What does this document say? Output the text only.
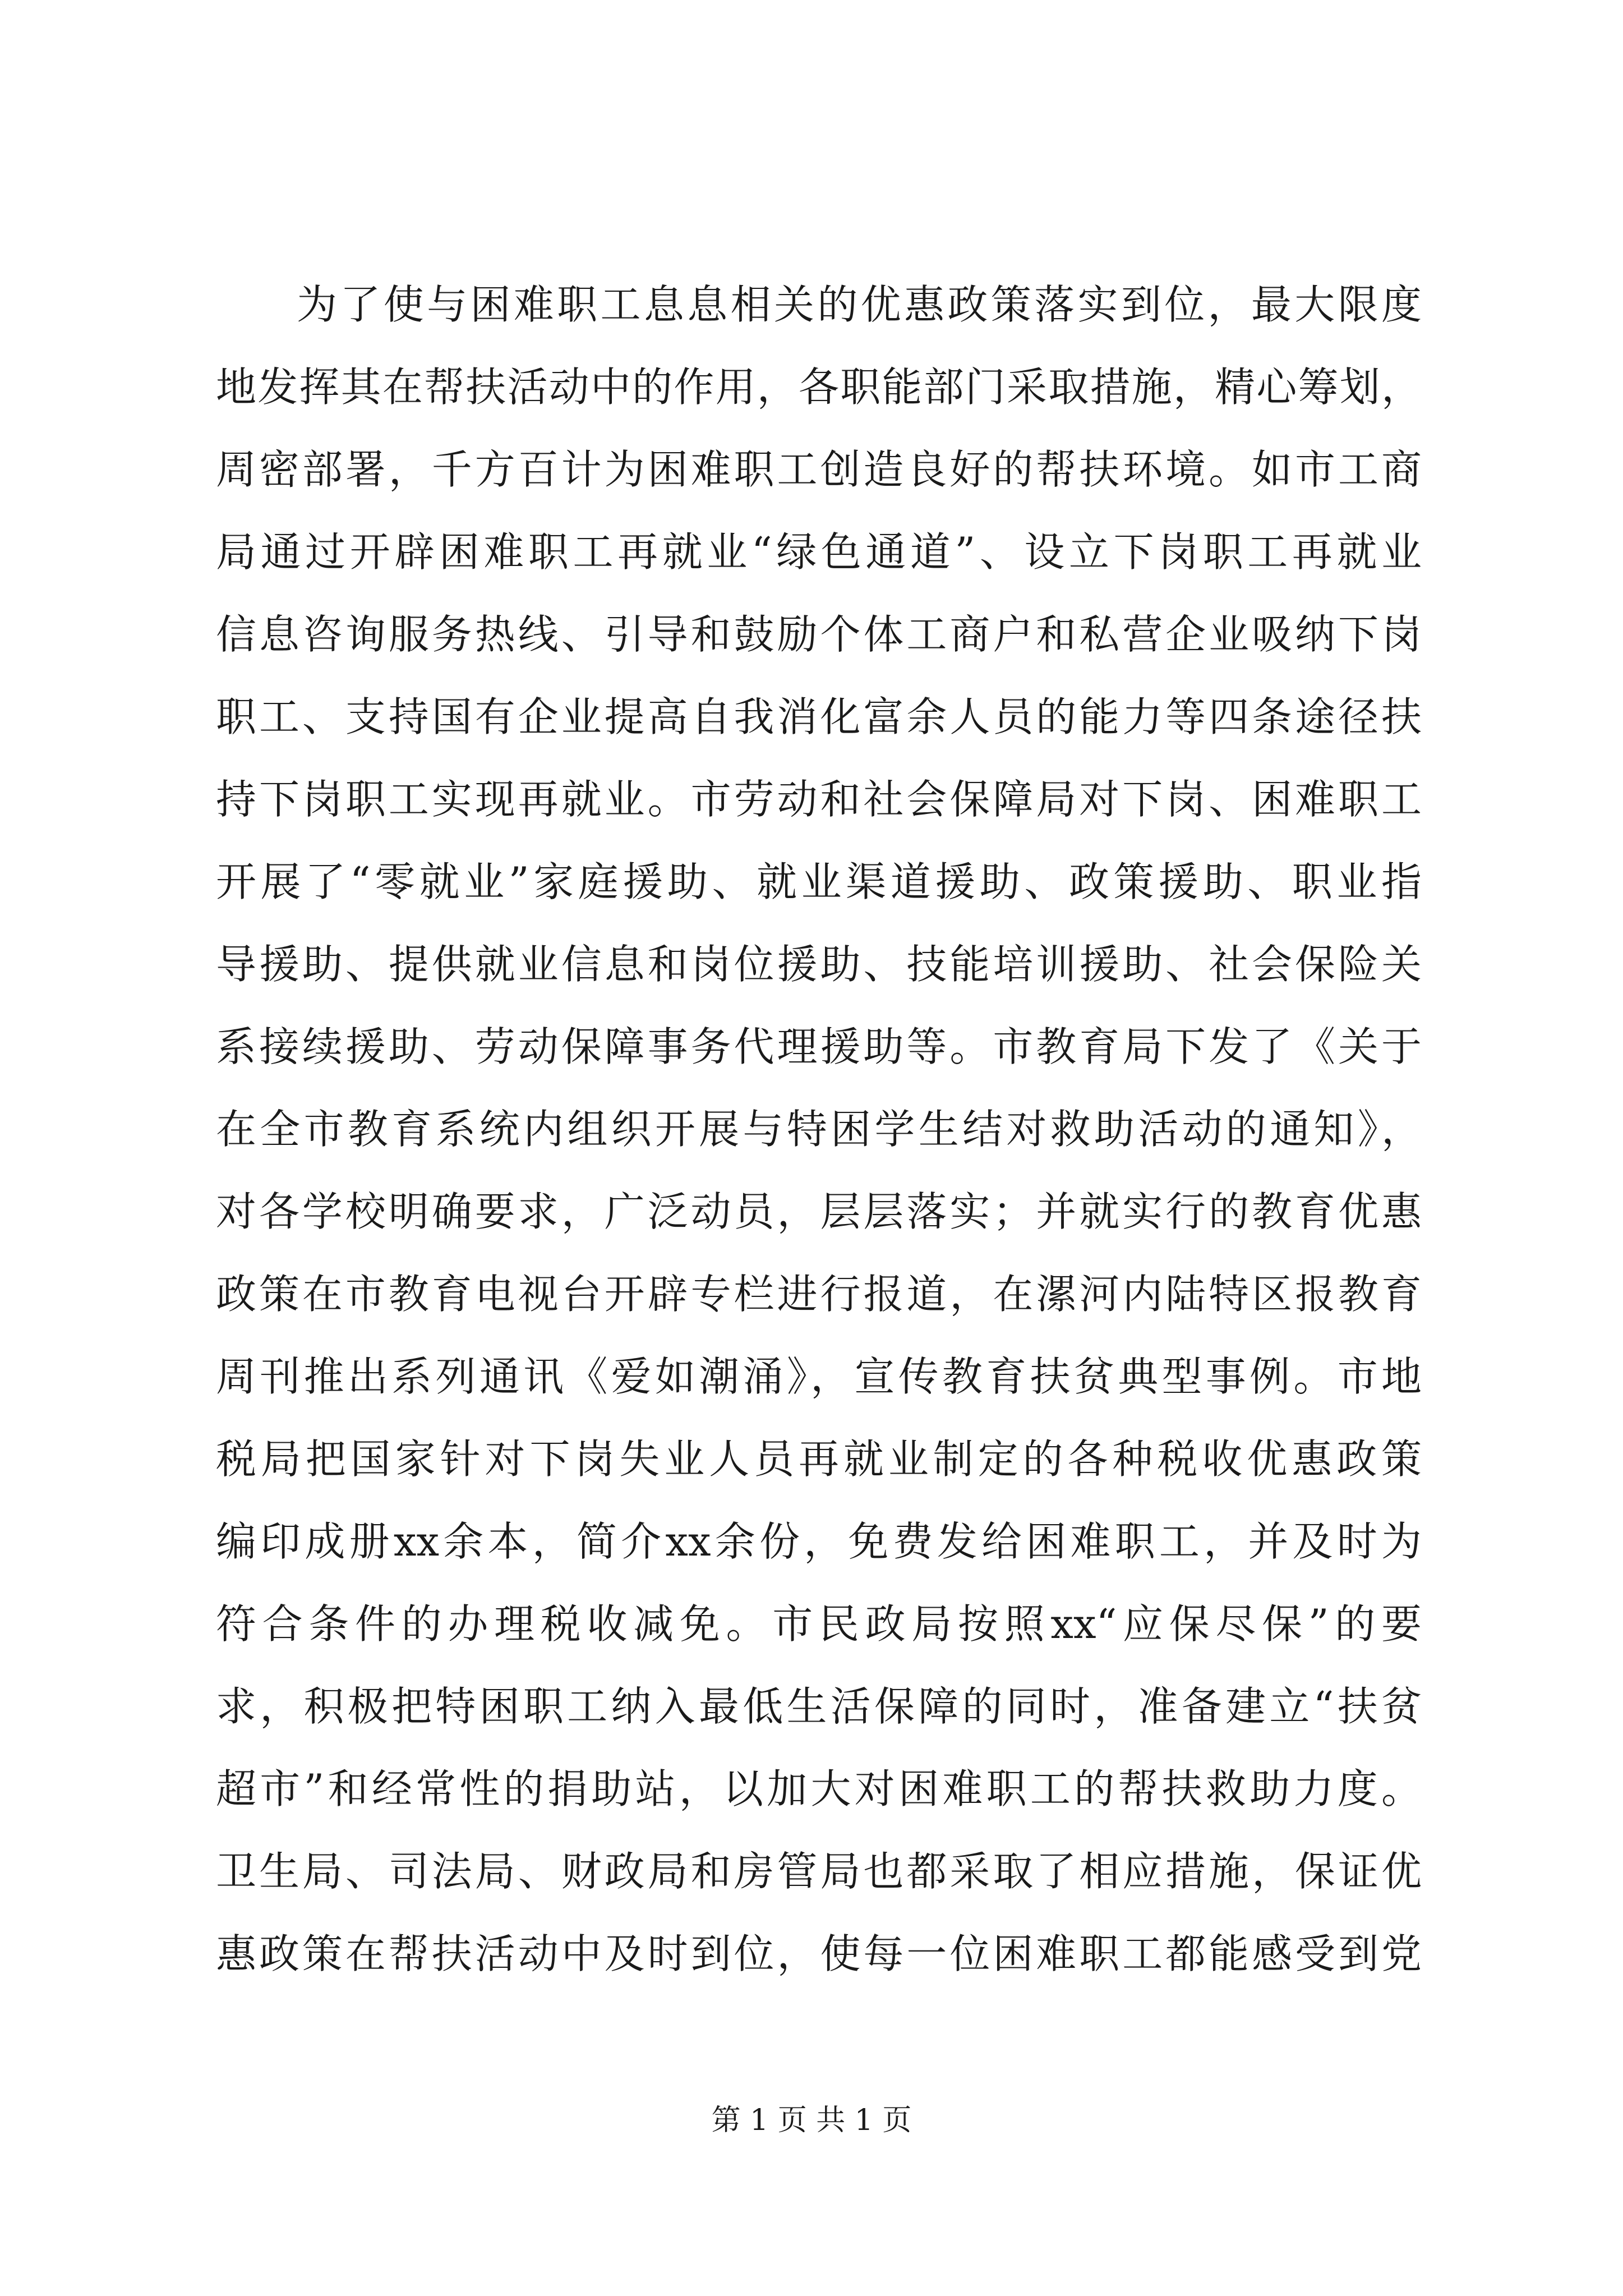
为了使与困难职工息息相关的优惠政策落实到位，最大限度
地发挥其在帮扶活动中的作用，各职能部门采取措施，精心筹划，
周密部署，千方百计为困难职工创造良好的帮扶环境。如市工商
局通过开辟困难职工再就业“绿色通道”、设立下岗职工再就业
信息咨询服务热线、引导和鼓励个体工商户和私营企业吸纳下岗
职工、支持国有企业提高自我消化富余人员的能力等四条途径扶
持下岗职工实现再就业。市劳动和社会保障局对下岗、困难职工
开展了“零就业”家庭援助、就业渠道援助、政策援助、职业指
导援助、提供就业信息和岗位援助、技能培训援助、社会保险关
系接续援助、劳动保障事务代理援助等。市教育局下发了《关于
在全市教育系统内组织开展与特困学生结对救助活动的通知》，
对各学校明确要求，广泛动员，层层落实；并就实行的教育优惠
政策在市教育电视台开辟专栏进行报道，在漯河内陆特区报教育
周刊推出系列通讯《爱如潮涌》，宣传教育扶贫典型事例。市地
税局把国家针对下岗失业人员再就业制定的各种税收优惠政策
编印成册xx余本，简介xx余份，免费发给困难职工，并及时为
符合条件的办理税收减免。市民政局按照xx“应保尽保”的要
求，积极把特困职工纳入最低生活保障的同时，准备建立“扶贫
超市”和经常性的捐助站，以加大对困难职工的帮扶救助力度。
卫生局、司法局、财政局和房管局也都采取了相应措施，保证优
惠政策在帮扶活动中及时到位，使每一位困难职工都能感受到党
第 1 页 共 1 页
